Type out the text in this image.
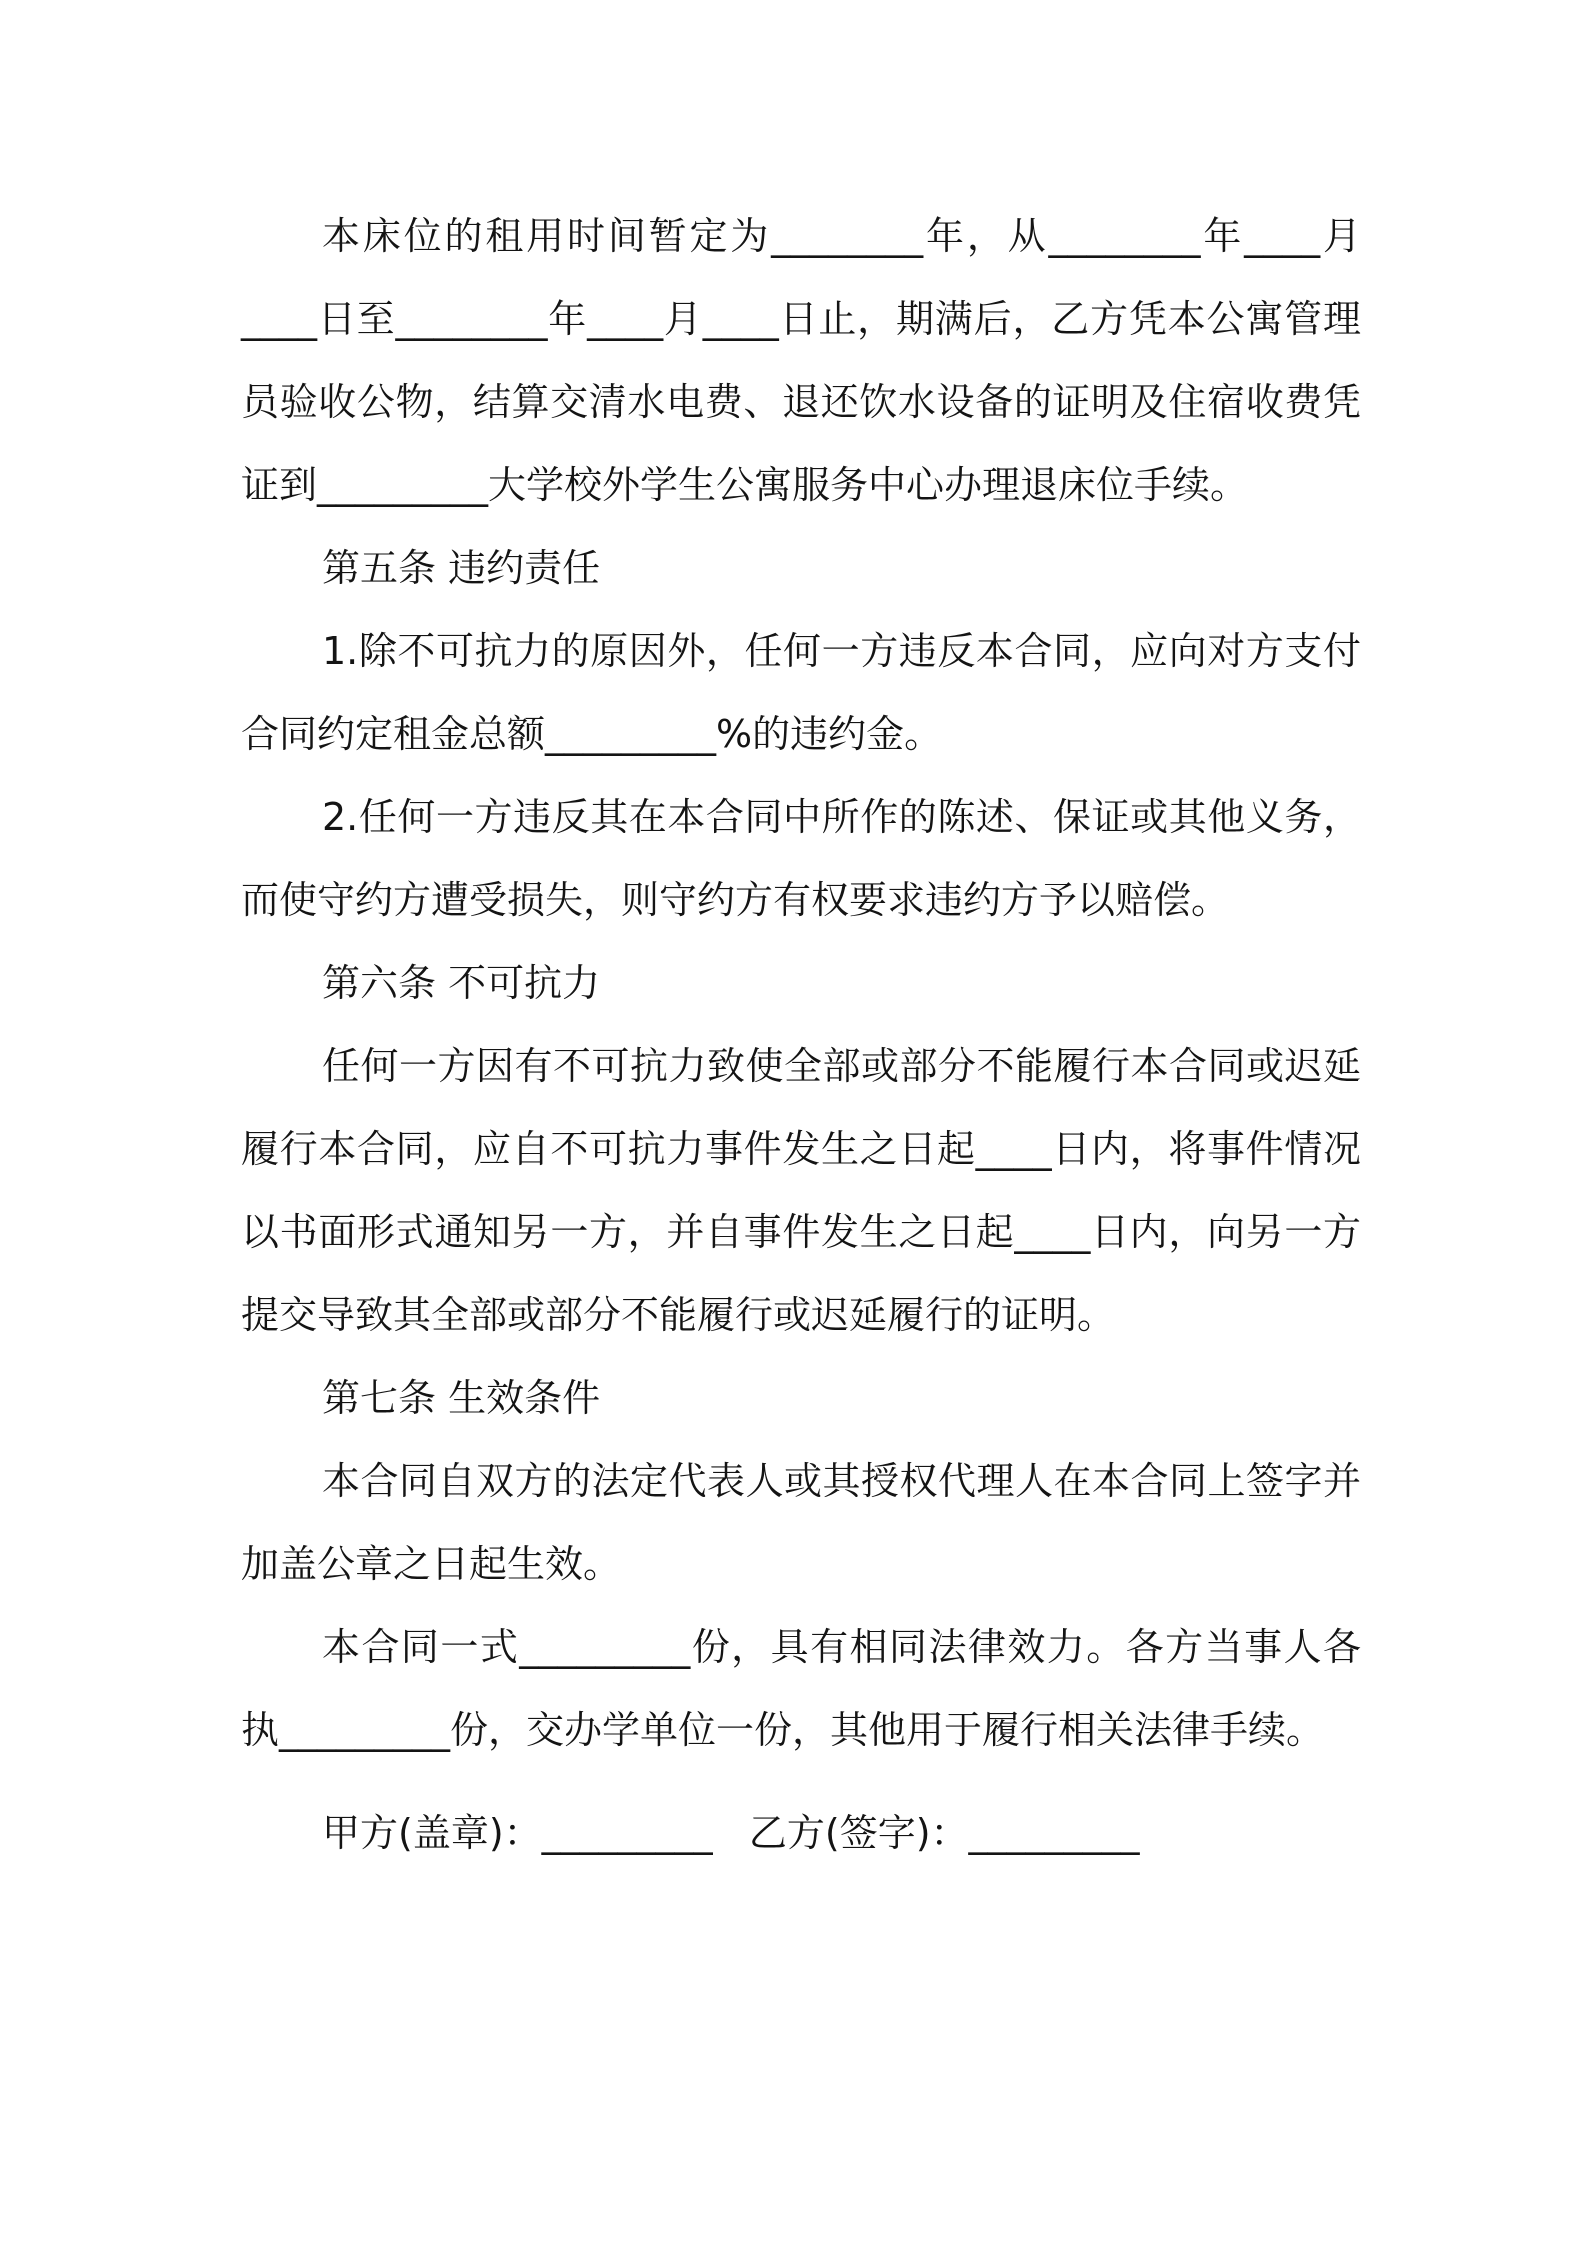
本床位的租用时间暂定为________年，从________年____月____日至________年____月____日止，期满后，乙方凭本公寓管理员验收公物，结算交清水电费、退还饮水设备的证明及住宿收费凭证到_________大学校外学生公寓服务中心办理退床位手续。

第五条 违约责任

1.除不可抗力的原因外，任何一方违反本合同，应向对方支付合同约定租金总额_________%的违约金。

2.任何一方违反其在本合同中所作的陈述、保证或其他义务，而使守约方遭受损失，则守约方有权要求违约方予以赔偿。

第六条 不可抗力

任何一方因有不可抗力致使全部或部分不能履行本合同或迟延履行本合同，应自不可抗力事件发生之日起____日内，将事件情况以书面形式通知另一方，并自事件发生之日起____日内，向另一方提交导致其全部或部分不能履行或迟延履行的证明。

第七条 生效条件

本合同自双方的法定代表人或其授权代理人在本合同上签字并加盖公章之日起生效。

本合同一式_________份，具有相同法律效力。各方当事人各执_________份，交办学单位一份，其他用于履行相关法律手续。

甲方(盖章)：_________   乙方(签字)：_________
